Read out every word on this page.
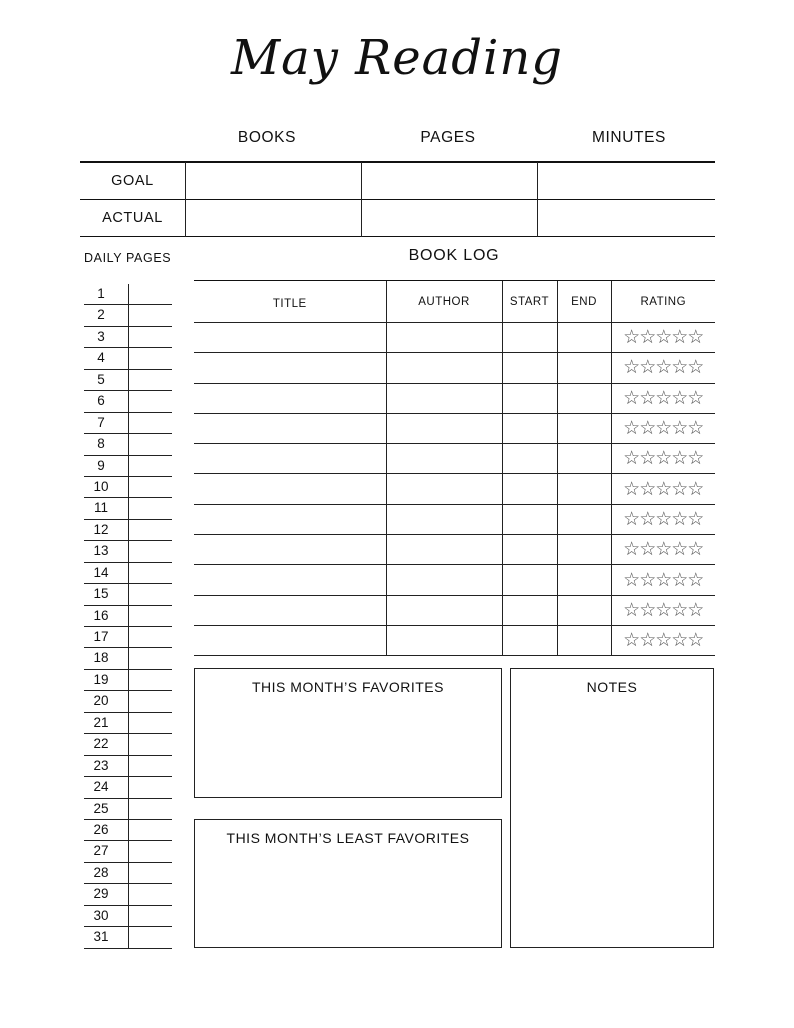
May Reading
BOOKS	PAGES	MINUTES
GOAL
ACTUAL
DAILY PAGES	BOOK LOG
1
2
3
4
5
6
7
8
9
10
11
12
13
14
15
16
17
18
19
20
21
22
23
24
25
26
27
28
29
30
31
TITLE	AUTHOR	START	END	RATING
				☆☆☆☆☆
				☆☆☆☆☆
				☆☆☆☆☆
				☆☆☆☆☆
				☆☆☆☆☆
				☆☆☆☆☆
				☆☆☆☆☆
				☆☆☆☆☆
				☆☆☆☆☆
				☆☆☆☆☆
				☆☆☆☆☆
THIS MONTH’S FAVORITES
THIS MONTH’S LEAST FAVORITES
NOTES
